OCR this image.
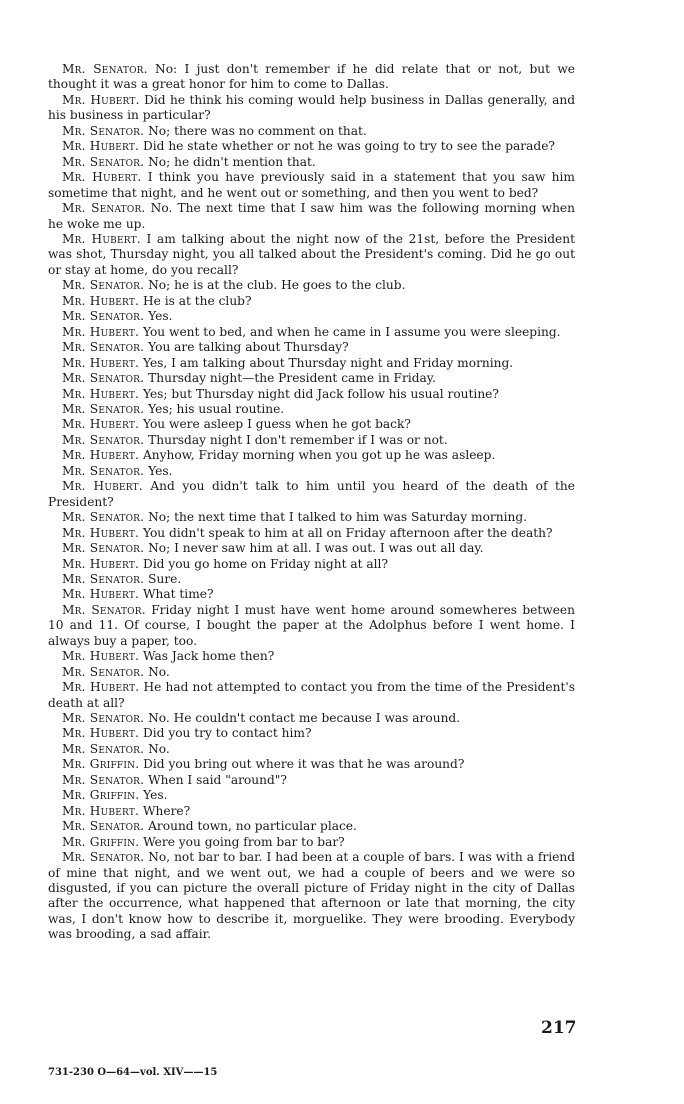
Mr. Senator. No: I just don't remember if he did relate that or not, but we thought it was a great honor for him to come to Dallas.

Mr. Hubert. Did he think his coming would help business in Dallas generally, and his business in particular?

Mr. Senator. No; there was no comment on that.

Mr. Hubert. Did he state whether or not he was going to try to see the parade?

Mr. Senator. No; he didn't mention that.

Mr. Hubert. I think you have previously said in a statement that you saw him sometime that night, and he went out or something, and then you went to bed?

Mr. Senator. No. The next time that I saw him was the following morning when he woke me up.

Mr. Hubert. I am talking about the night now of the 21st, before the President was shot, Thursday night, you all talked about the President's coming. Did he go out or stay at home, do you recall?

Mr. Senator. No; he is at the club. He goes to the club.

Mr. Hubert. He is at the club?

Mr. Senator. Yes.

Mr. Hubert. You went to bed, and when he came in I assume you were sleeping.

Mr. Senator. You are talking about Thursday?

Mr. Hubert. Yes, I am talking about Thursday night and Friday morning.

Mr. Senator. Thursday night—the President came in Friday.

Mr. Hubert. Yes; but Thursday night did Jack follow his usual routine?

Mr. Senator. Yes; his usual routine.

Mr. Hubert. You were asleep I guess when he got back?

Mr. Senator. Thursday night I don't remember if I was or not.

Mr. Hubert. Anyhow, Friday morning when you got up he was asleep.

Mr. Senator. Yes.

Mr. Hubert. And you didn't talk to him until you heard of the death of the President?

Mr. Senator. No; the next time that I talked to him was Saturday morning.

Mr. Hubert. You didn't speak to him at all on Friday afternoon after the death?

Mr. Senator. No; I never saw him at all. I was out. I was out all day.

Mr. Hubert. Did you go home on Friday night at all?

Mr. Senator. Sure.

Mr. Hubert. What time?

Mr. Senator. Friday night I must have went home around somewheres between 10 and 11. Of course, I bought the paper at the Adolphus before I went home. I always buy a paper, too.

Mr. Hubert. Was Jack home then?

Mr. Senator. No.

Mr. Hubert. He had not attempted to contact you from the time of the President's death at all?

Mr. Senator. No. He couldn't contact me because I was around.

Mr. Hubert. Did you try to contact him?

Mr. Senator. No.

Mr. Griffin. Did you bring out where it was that he was around?

Mr. Senator. When I said "around"?

Mr. Griffin. Yes.

Mr. Hubert. Where?

Mr. Senator. Around town, no particular place.

Mr. Griffin. Were you going from bar to bar?

Mr. Senator. No, not bar to bar. I had been at a couple of bars. I was with a friend of mine that night, and we went out, we had a couple of beers and we were so disgusted, if you can picture the overall picture of Friday night in the city of Dallas after the occurrence, what happened that afternoon or late that morning, the city was, I don't know how to describe it, morguelike. They were brooding. Everybody was brooding, a sad affair.

217
731-230 O—64—vol. XIV——15
